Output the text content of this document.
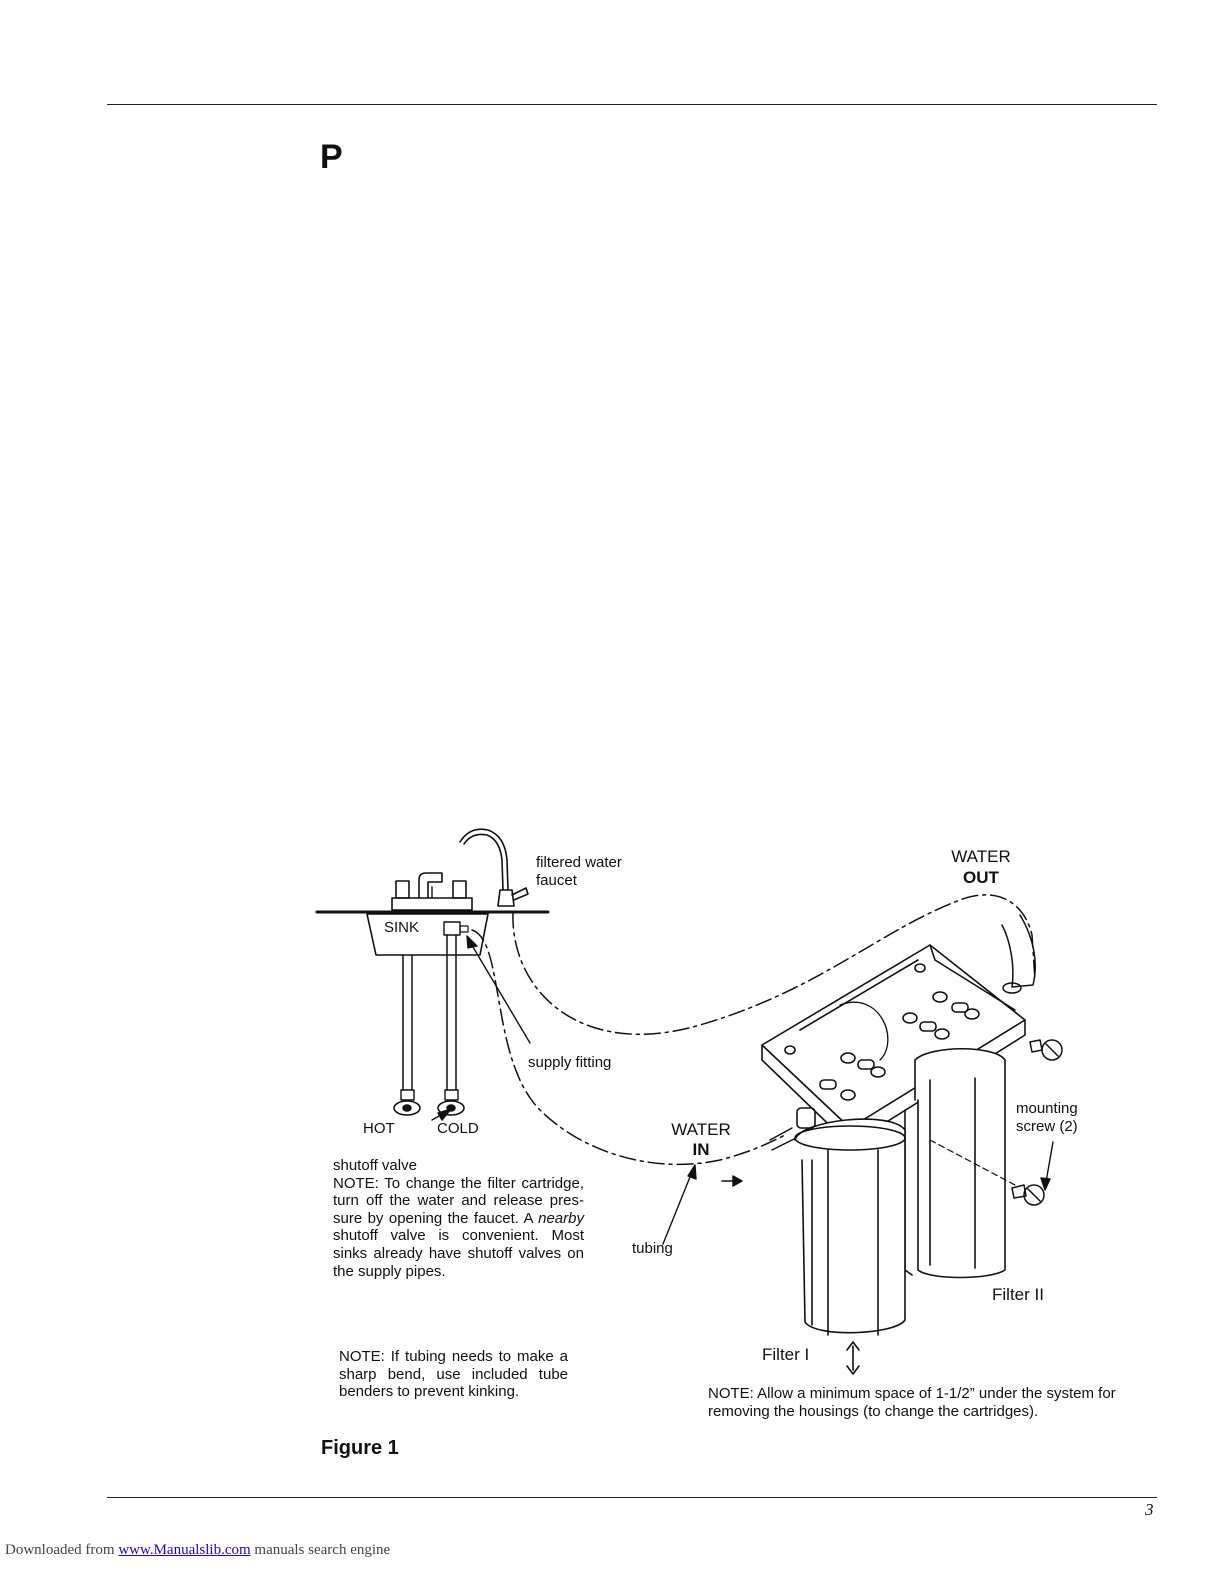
P
SINK
filtered water
faucet
supply fitting
HOT	COLD	WATER
IN
WATER
OUT
tubing
mounting
screw (2)
Filter I
Filter II
shutoff valve
NOTE: To change the filter cartridge, turn off the water and release pres- sure by opening the faucet. A nearby shutoff valve is convenient. Most sinks already have shutoff valves on the supply pipes.
NOTE: If tubing needs to make a sharp bend, use included tube benders to prevent kinking.	NOTE: Allow a minimum space of 1-1/2” under the system for removing the housings (to change the cartridges).
Figure 1
3
Downloaded from www.Manualslib.com manuals search engine
